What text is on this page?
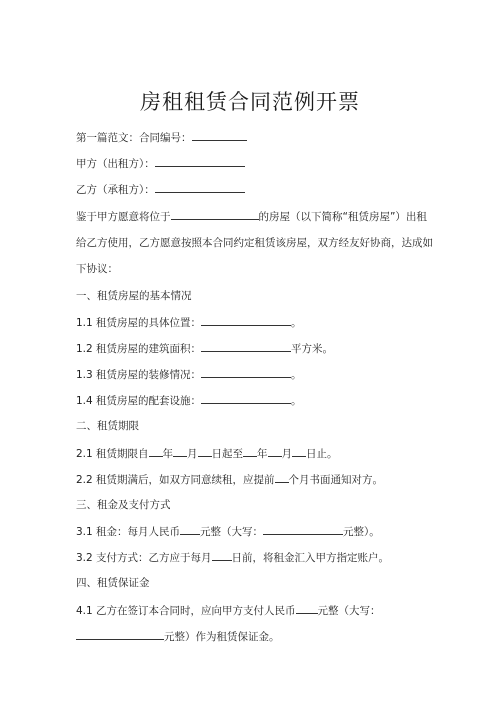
房租租赁合同范例开票
第一篇范文：合同编号：
甲方（出租方）：
乙方（承租方）：
鉴于甲方愿意将位于	的房屋（以下简称“租赁房屋”）出租
给乙方使用，乙方愿意按照本合同约定租赁该房屋，双方经友好协商，达成如
下协议：
一、租赁房屋的基本情况
1.1 租赁房屋的具体位置：	。
1.2 租赁房屋的建筑面积：	平方米。
1.3 租赁房屋的装修情况：	。
1.4 租赁房屋的配套设施：	。
二、租赁期限
2.1 租赁期限自 年 月 日起至 年 月 日止。
2.2 租赁期满后，如双方同意续租，应提前 个月书面通知对方。
三、租金及支付方式
3.1 租金：每月人民币 元整（大写：	元整）。
3.2 支付方式：乙方应于每月 日前，将租金汇入甲方指定账户。
四、租赁保证金
4.1 乙方在签订本合同时，应向甲方支付人民币 元整（大写：
元整）作为租赁保证金。
